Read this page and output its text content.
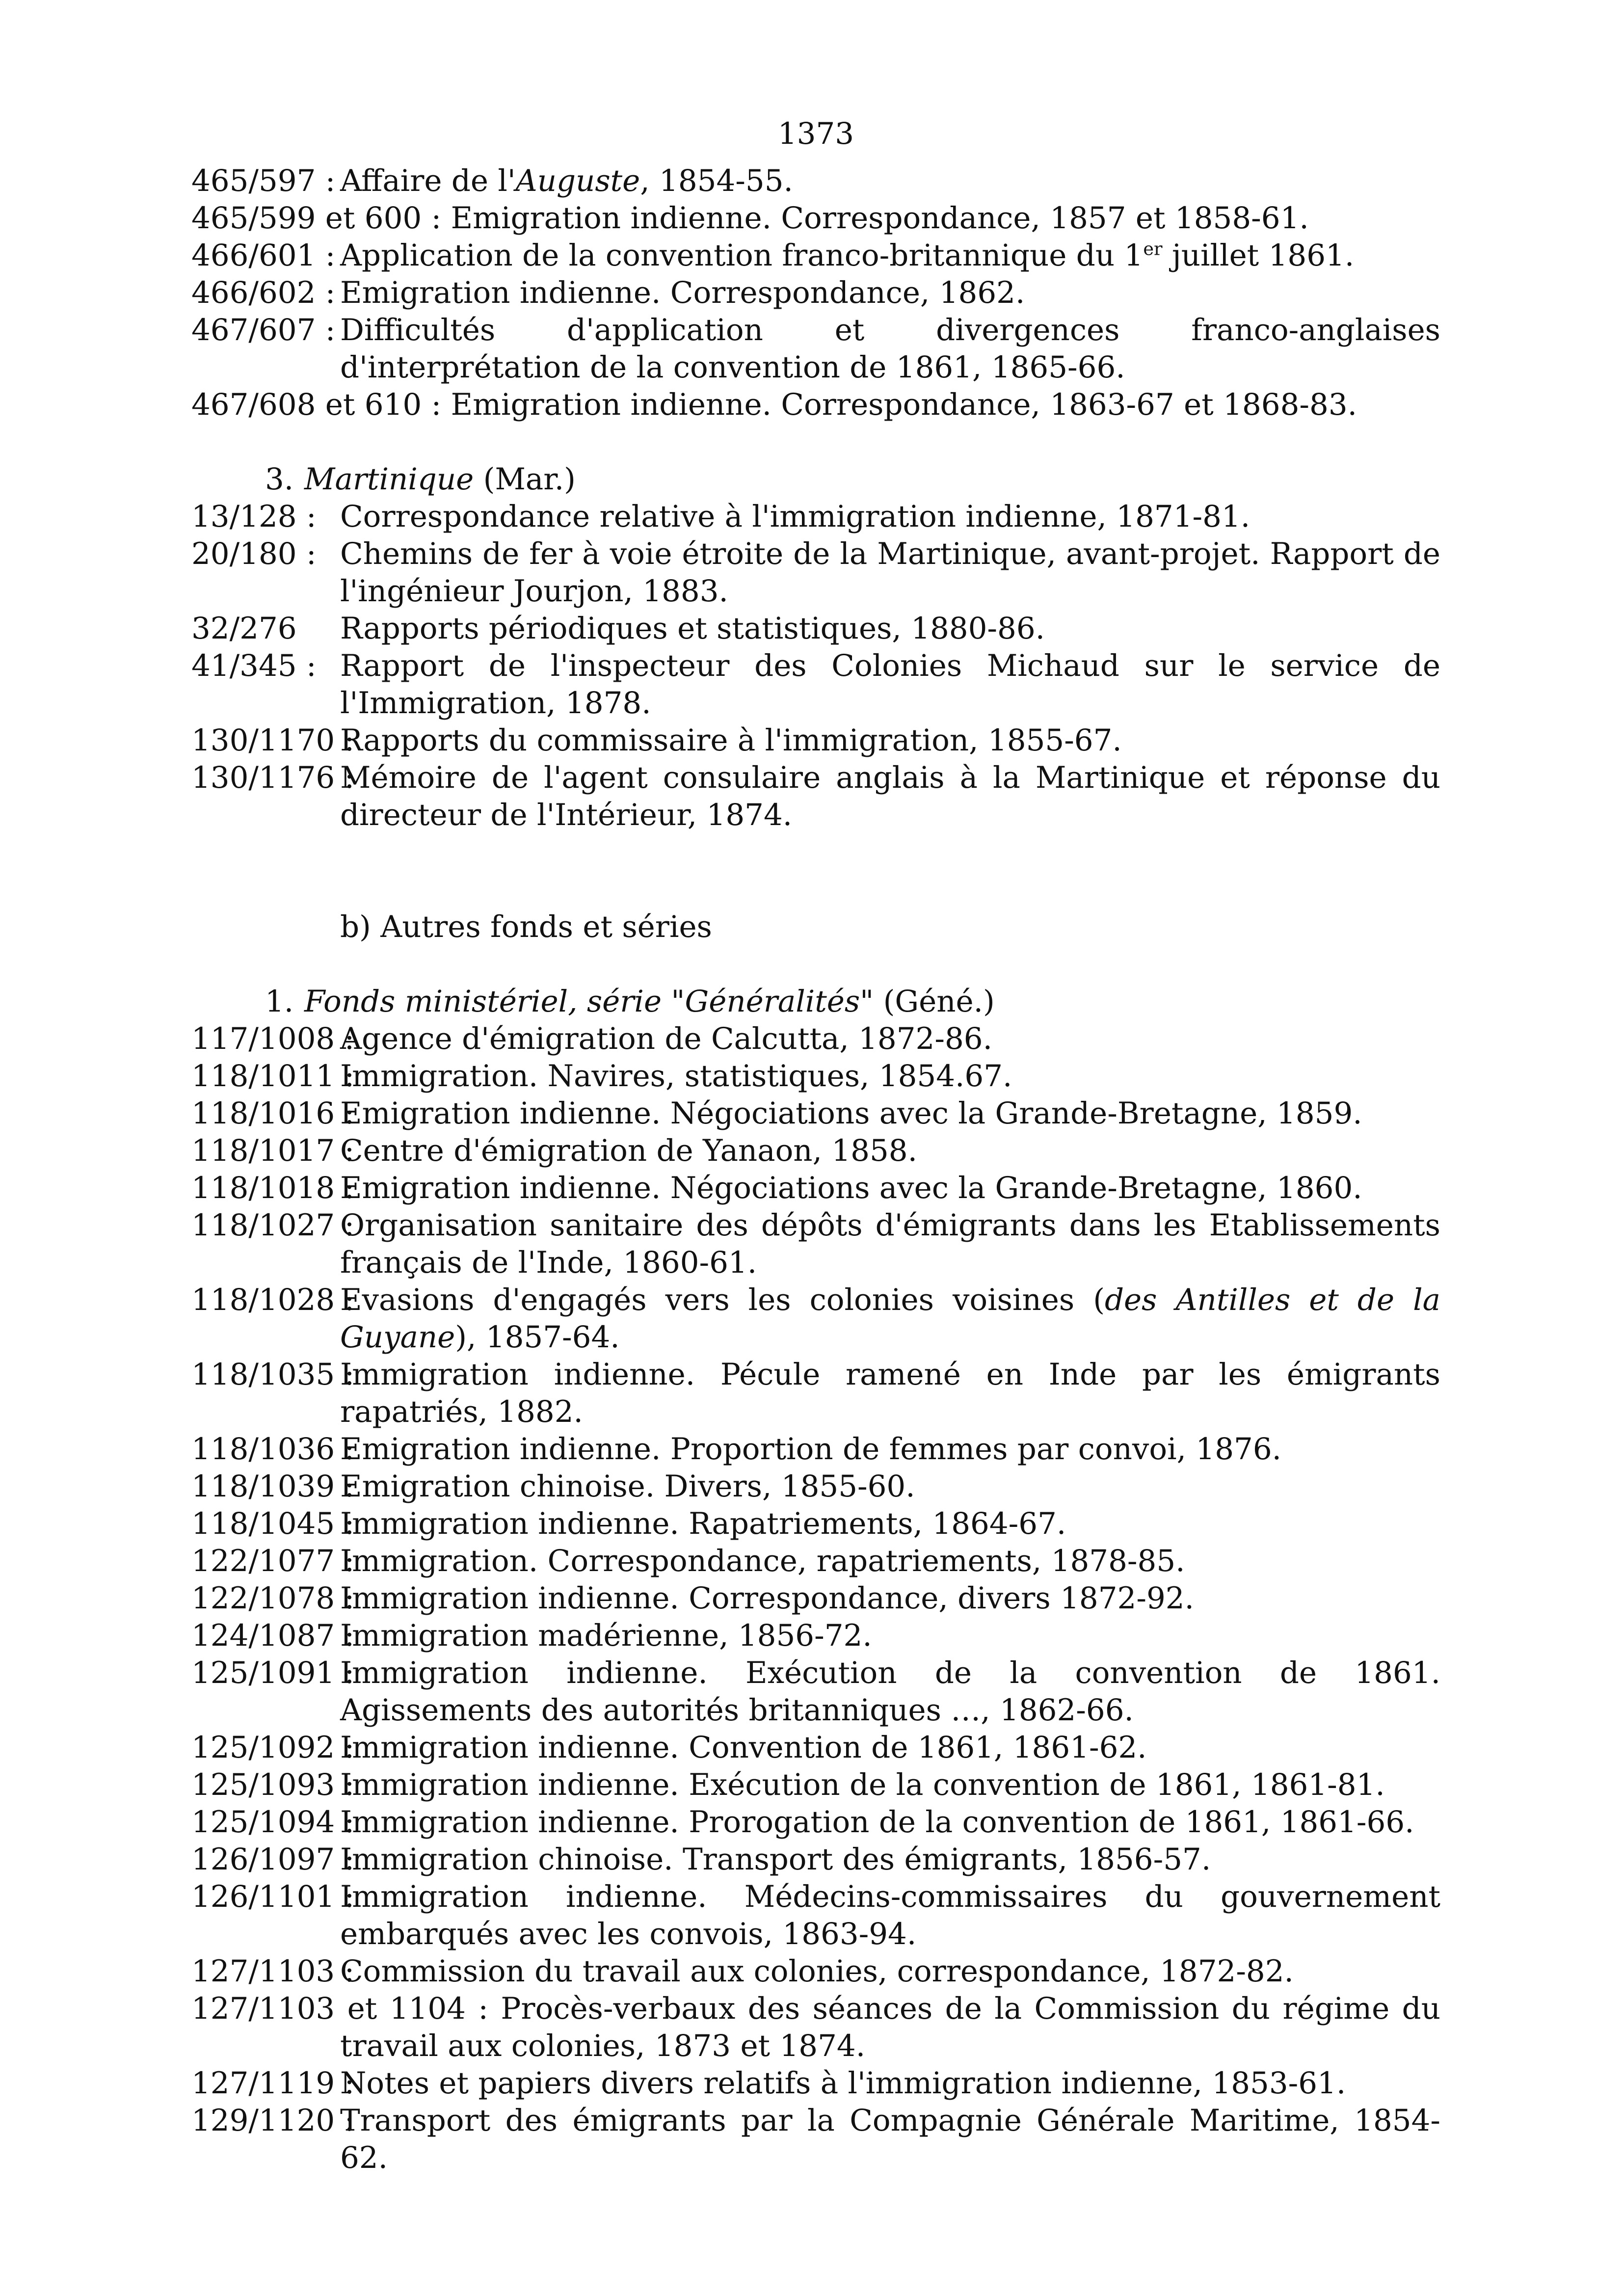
1373
465/597 : Affaire de l'Auguste, 1854-55.
465/599 et 600 : Emigration indienne. Correspondance, 1857 et 1858-61.
466/601 : Application de la convention franco-britannique du 1er juillet 1861.
466/602 : Emigration indienne. Correspondance, 1862.
467/607 : Difficultés d'application et divergences franco-anglaises d'interprétation de la convention de 1861, 1865-66.
467/608 et 610 : Emigration indienne. Correspondance, 1863-67 et 1868-83.
3. Martinique (Mar.)
13/128 : Correspondance relative à l'immigration indienne, 1871-81.
20/180 : Chemins de fer à voie étroite de la Martinique, avant-projet. Rapport de l'ingénieur Jourjon, 1883.
32/276 Rapports périodiques et statistiques, 1880-86.
41/345 : Rapport de l'inspecteur des Colonies Michaud sur le service de l'Immigration, 1878.
130/1170 :
Rapports du commissaire à l'immigration, 1855-67.
130/1176 :
Mémoire de l'agent consulaire anglais à la Martinique et réponse du directeur de l'Intérieur, 1874.
b) Autres fonds et séries
1. Fonds ministériel, série "Généralités" (Géné.)
117/1008 :
Agence d'émigration de Calcutta, 1872-86.
118/1011 :
Immigration. Navires, statistiques, 1854.67.
118/1016 :
Emigration indienne. Négociations avec la Grande-Bretagne, 1859.
118/1017 :
Centre d'émigration de Yanaon, 1858.
118/1018 :
Emigration indienne. Négociations avec la Grande-Bretagne, 1860.
118/1027 :
Organisation sanitaire des dépôts d'émigrants dans les Etablissements français de l'Inde, 1860-61.
118/1028 :
Evasions d'engagés vers les colonies voisines (des Antilles et de la Guyane), 1857-64.
118/1035 :
Immigration indienne. Pécule ramené en Inde par les émigrants rapatriés, 1882.
118/1036 :
Emigration indienne. Proportion de femmes par convoi, 1876.
118/1039 :
Emigration chinoise. Divers, 1855-60.
118/1045 :
Immigration indienne. Rapatriements, 1864-67.
122/1077 :
Immigration. Correspondance, rapatriements, 1878-85.
122/1078 :
Immigration indienne. Correspondance, divers 1872-92.
124/1087 :
Immigration madérienne, 1856-72.
125/1091 :
Immigration indienne. Exécution de la convention de 1861. Agissements des autorités britanniques …, 1862-66.
125/1092 :
Immigration indienne. Convention de 1861, 1861-62.
125/1093 :
Immigration indienne. Exécution de la convention de 1861, 1861-81.
125/1094 :
Immigration indienne. Prorogation de la convention de 1861, 1861-66.
126/1097 :
Immigration chinoise. Transport des émigrants, 1856-57.
126/1101 :
Immigration indienne. Médecins-commissaires du gouvernement embarqués avec les convois, 1863-94.
127/1103 :
Commission du travail aux colonies, correspondance, 1872-82.
127/1103 et 1104 : Procès-verbaux des séances de la Commission du régime du travail aux colonies, 1873 et 1874.
127/1119 :
Notes et papiers divers relatifs à l'immigration indienne, 1853-61.
129/1120 :
Transport des émigrants par la Compagnie Générale Maritime, 1854-62.
